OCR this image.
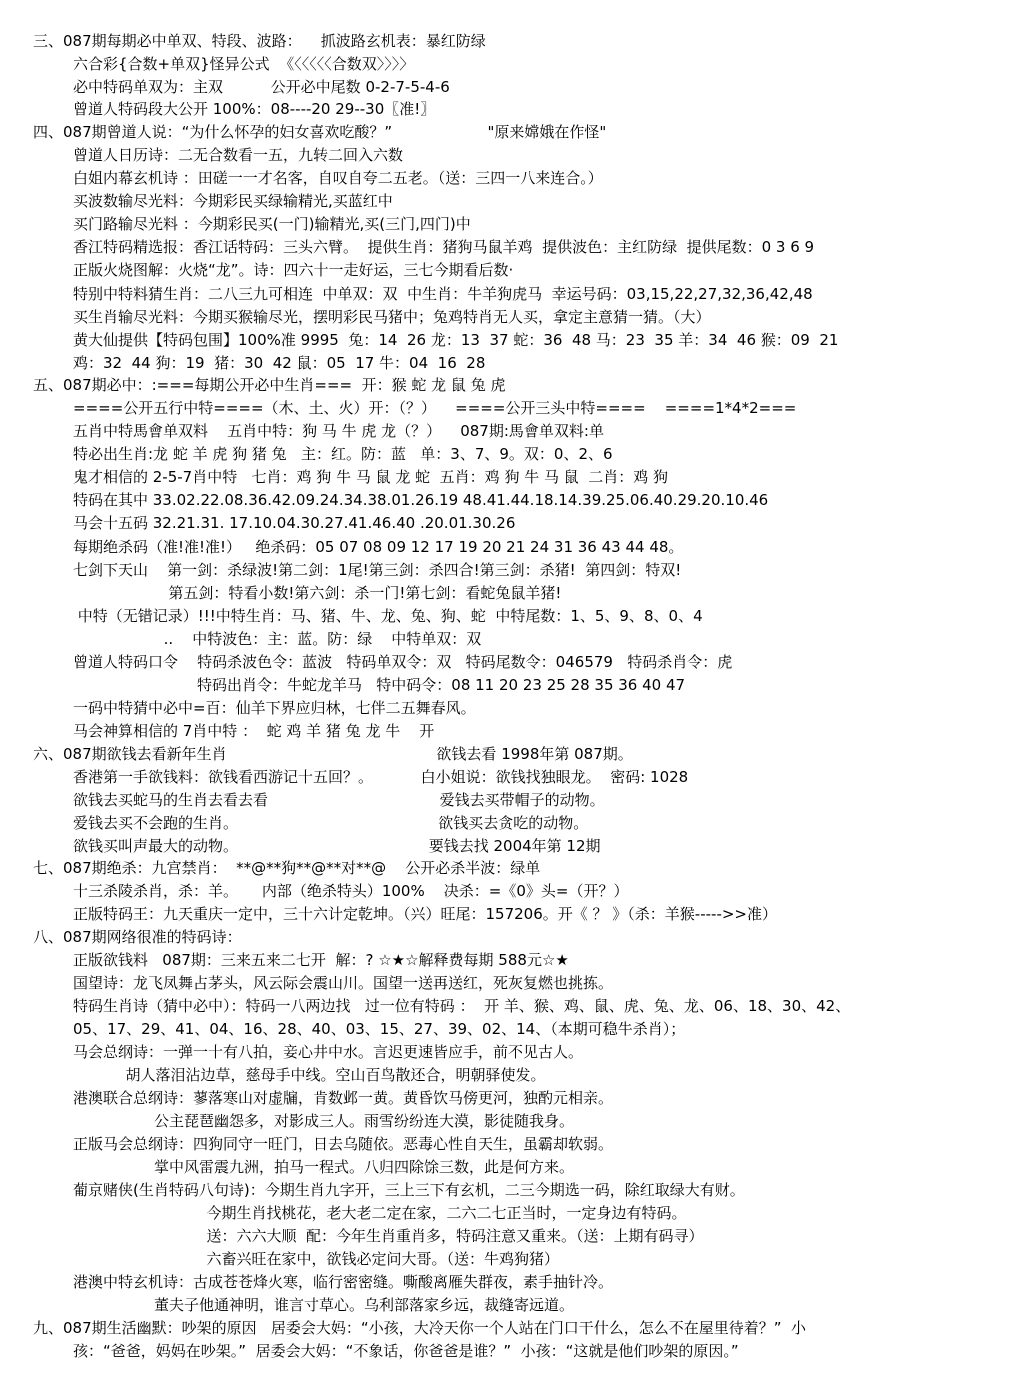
三、087期每期必中单双、特段、波路：    抓波路玄机表：暴红防绿
六合彩{合数+单双}怪异公式  《〈〈〈〈〈合数双〉〉〉〉
必中特码单双为：主双          公开必中尾数 0-2-7-5-4-6
曾道人特码段大公开 100%：08----20 29--30〖准!〗
四、087期曾道人说：“为什么怀孕的妇女喜欢吃酸？”                    "原来嫦娥在作怪"
曾道人日历诗：二无合数看一五，九转二回入六数
白姐内幕玄机诗 ：田磋一一才名客，自叹自夸二五老。（送：三四一八来连合。）
买波数输尽光料：今期彩民买绿输精光,买蓝红中
买门路输尽光料 ：今期彩民买(一门)输精光,买(三门,四门)中
香江特码精选报：香江话特码：三头六臂。  提供生肖：猪狗马鼠羊鸡  提供波色：主红防绿  提供尾数：0 3 6 9
正版火烧图解：火烧“龙”。诗：四六十一走好运，三七今期看后数·
特别中特料猜生肖：二八三九可相连  中单双：双  中生肖：牛羊狗虎马  幸运号码：03,15,22,27,32,36,42,48
买生肖输尽光料：今期买猴输尽光，摆明彩民马猪中；兔鸡特肖无人买，拿定主意猜一猜。（大）
黄大仙提供【特码包围】100%准 9995  兔：14  26 龙：13  37 蛇：36  48 马：23  35 羊：34  46 猴：09  21
鸡：32  44 狗：19  猪：30  42 鼠：05  17 牛：04  16  28
五、087期必中：:===每期公开必中生肖===  开：猴 蛇 龙 鼠 兔 虎
====公开五行中特====（木、土、火）开：（？）    ====公开三头中特====    ====1*4*2===
五肖中特馬會单双料    五肖中特：狗 马 牛 虎 龙（？）    087期:馬會单双料:单
特必出生肖:龙 蛇 羊 虎 狗 猪 兔   主：红。防：蓝   单：3、7、9。双：0、2、6
鬼才相信的 2-5-7肖中特   七肖：鸡 狗 牛 马 鼠 龙 蛇  五肖：鸡 狗 牛 马 鼠  二肖：鸡 狗
特码在其中 33.02.22.08.36.42.09.24.34.38.01.26.19 48.41.44.18.14.39.25.06.40.29.20.10.46
马会十五码 32.21.31. 17.10.04.30.27.41.46.40 .20.01.30.26
每期绝杀码（准!准!准!）   绝杀码：05 07 08 09 12 17 19 20 21 24 31 36 43 44 48。
七剑下天山    第一剑：杀绿波!第二剑：1尾!第三剑：杀四合!第三剑：杀猪!  第四剑：特双!
第五剑：特看小数!第六剑：杀一门!第七剑：看蛇兔鼠羊猪!
中特（无错记录）!!!中特生肖：马、猪、牛、龙、兔、狗、蛇  中特尾数：1、5、9、8、0、4
..    中特波色：主：蓝。防：绿    中特单双：双
曾道人特码口令    特码杀波色令：蓝波   特码单双令：双   特码尾数令：046579   特码杀肖令：虎
特码出肖令：牛蛇龙羊马   特中码令：08 11 20 23 25 28 35 36 40 47
一码中特猜中必中=百：仙羊下界应归林，七伴二五舞春风。
马会神算相信的 7肖中特 ：  蛇 鸡 羊 猪 兔 龙 牛    开
六、087期欲钱去看新年生肖                                            欲钱去看 1998年第 087期。
香港第一手欲钱料：欲钱看西游记十五回？。          白小姐说：欲钱找独眼龙。  密码: 1028
欲钱去买蛇马的生肖去看去看                                    爱钱去买带帽子的动物。
爱钱去买不会跑的生肖。                                          欲钱买去贪吃的动物。
欲钱买叫声最大的动物。                                        要钱去找 2004年第 12期
七、087期绝杀：九宫禁肖：  **@**狗**@**对**@    公开必杀半波：绿单
十三杀陵杀肖，杀：羊。     内部（绝杀特头）100%    决杀：=《0》头=（开？）
正版特码王：九天重庆一定中，三十六计定乾坤。（兴）旺尾：157206。开《 ？ 》（杀：羊猴----->>准）
八、087期网络很准的特码诗：
正版欲钱料   087期：三来五来二七开  解：? ☆★☆解释费每期 588元☆★
国望诗：龙飞凤舞占茅头，风云际会震山川。国望一送再送红，死灰复燃也挑拣。
特码生肖诗（猜中必中）：特码一八两边找   过一位有特码 ：  开 羊、猴、鸡、鼠、虎、兔、龙、06、18、30、42、
05、17、29、41、04、16、28、40、03、15、27、39、02、14、（本期可稳牛杀肖）；
马会总纲诗：一弹一十有八拍，妾心井中水。言迟更速皆应手，前不见古人。
胡人落泪沾边草，慈母手中线。空山百鸟散还合，明朝驿使发。
港澳联合总纲诗：蓼落寒山对虚牖，肯数邺一黄。黄昏饮马傍更河，独酌元相亲。
公主琵琶幽怨多，对影成三人。雨雪纷纷连大漠，影徒随我身。
正版马会总纲诗：四狗同守一旺门，日去乌随依。恶毒心性自天生，虽霸却软弱。
掌中风雷震九洲，拍马一程式。八归四除馀三数，此是何方来。
葡京赌侠(生肖特码八句诗)：今期生肖九字开，三上三下有玄机，二三今期选一码，除红取绿大有财。
今期生肖找桃花，老大老二定在家，二六二七正当时，一定身边有特码。
送：六六大顺  配：今年生肖重肖多，特码注意又重来。（送：上期有码寻）
六畜兴旺在家中，欲钱必定问大哥。（送：牛鸡狗猪）
港澳中特玄机诗：古成苍苍烽火寒，临行密密缝。嘶酸离雁失群夜，素手抽针冷。
董夫子他通神明，谁言寸草心。乌利部落家乡远，裁缝寄远道。
九、087期生活幽默：吵架的原因   居委会大妈：“小孩，大冷天你一个人站在门口干什么，怎么不在屋里待着？”  小
孩：“爸爸，妈妈在吵架。”  居委会大妈：“不象话，你爸爸是谁？”  小孩：“这就是他们吵架的原因。”
